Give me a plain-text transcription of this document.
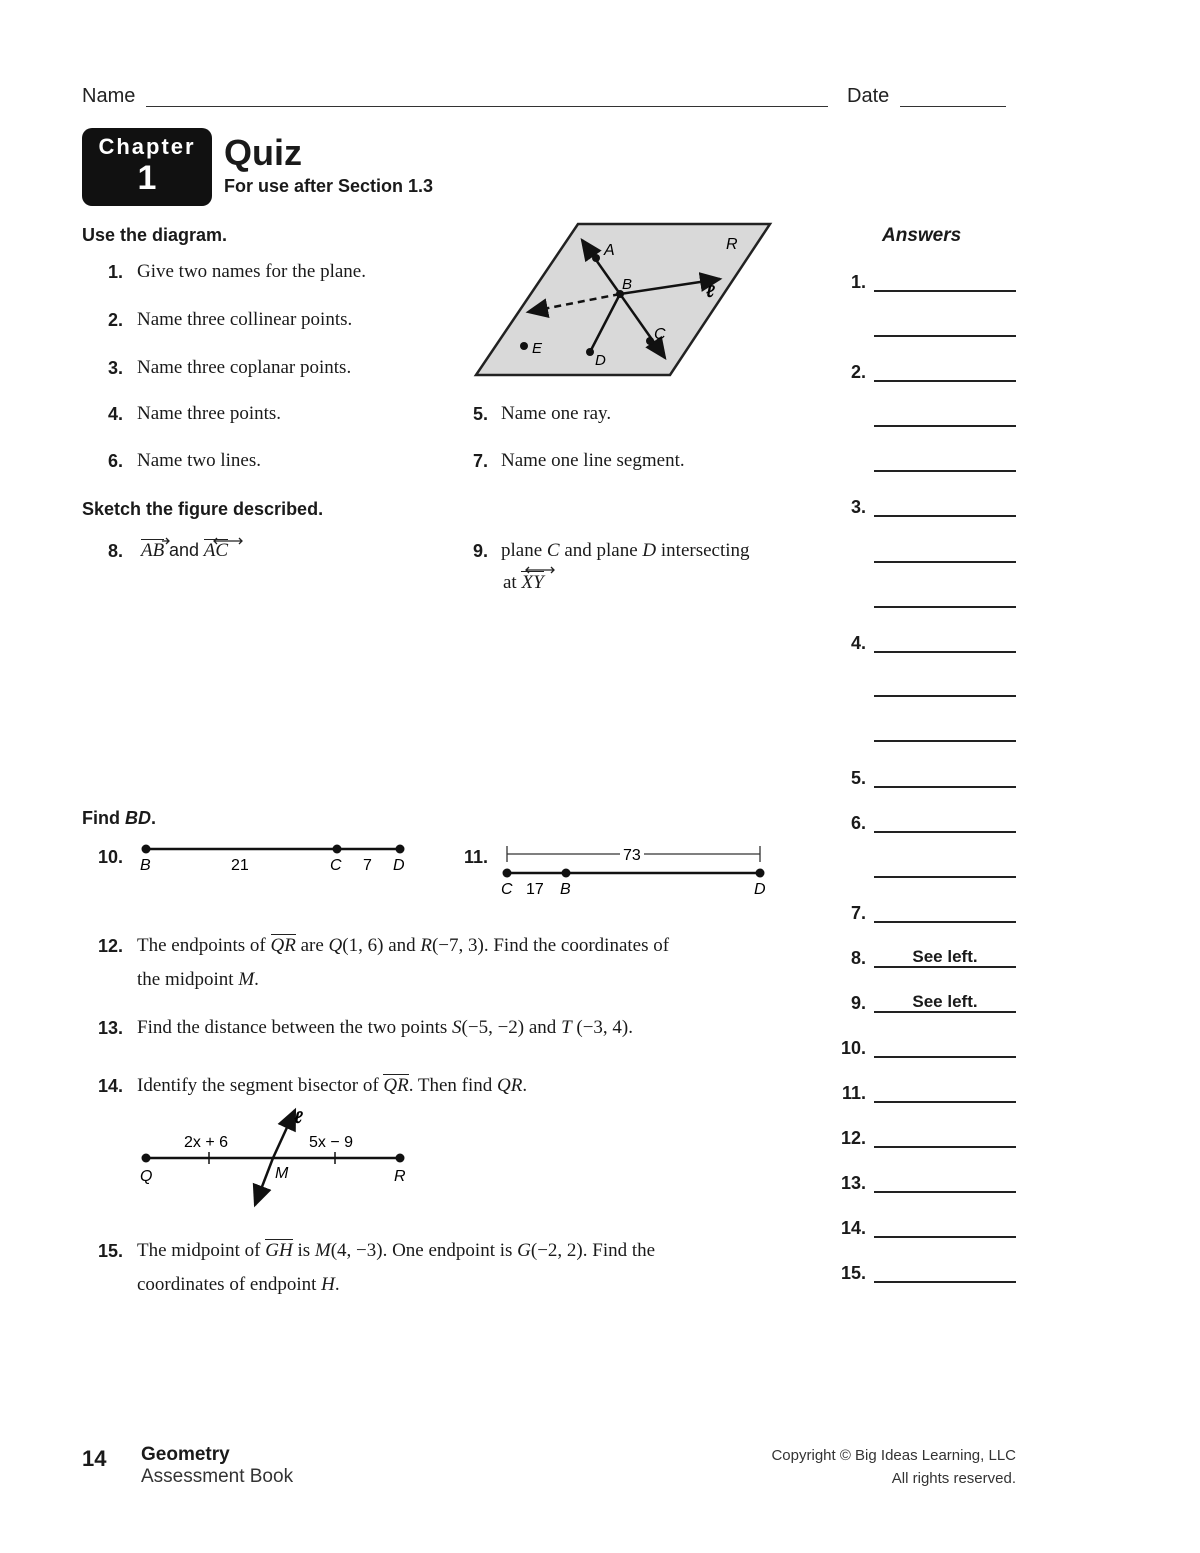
Name	Date
Chapter
1
Quiz
For use after Section 1.3
Use the diagram.
1. Give two names for the plane.
2. Name three collinear points.
3. Name three coplanar points.
4. Name three points.	5. Name one ray.
6. Name two lines.	7. Name one line segment.
A
B
C
D
E
R
ℓ
Sketch the figure described.
8. AB and AC	9. plane C and plane D intersecting
at XY
Find BD.
10. B	21	C 7 D	11.	73
C 17 B	D
12. The endpoints of QR are Q(1, 6) and R(−7, 3). Find the coordinates of
the midpoint M.
13. Find the distance between the two points S(−5, −2) and T (−3, 4).
14. Identify the segment bisector of QR. Then find QR.
Q	M	R
ℓ
2x + 6	5x − 9
15. The midpoint of GH is M(4, −3). One endpoint is G(−2, 2). Find the
coordinates of endpoint H.
Answers
1.
2.
3.
4.
5.
6.
7.
8.	See left.
9.	See left.
10.
11.
12.
13.
14.
15.
14 Geometry
Assessment Book
Copyright © Big Ideas Learning, LLC
All rights reserved.
